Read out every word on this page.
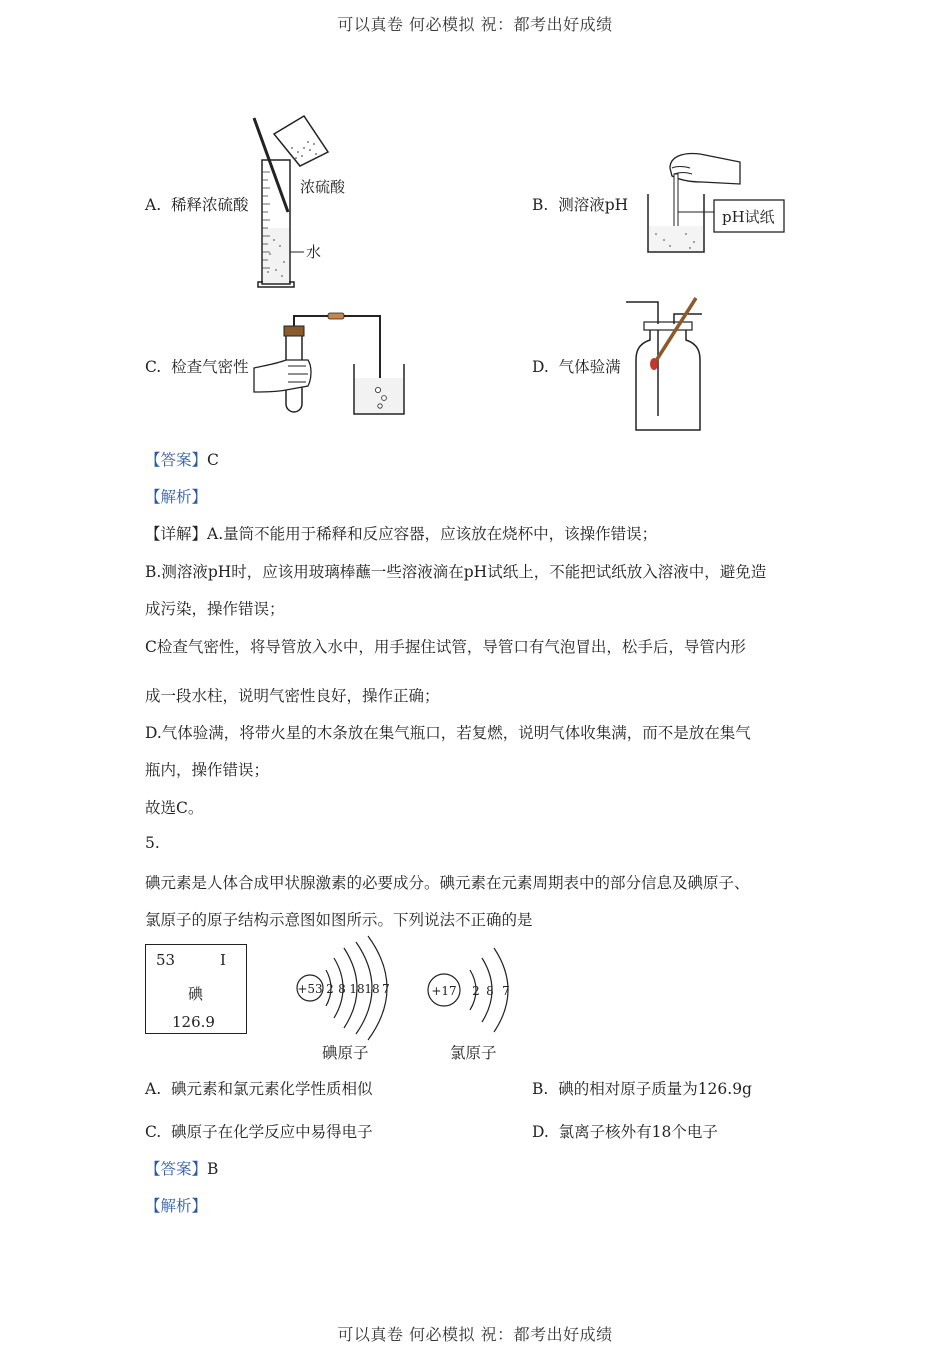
可以真卷 何必模拟 祝：都考出好成绩
A. 稀释浓硫酸
浓硫酸
水
B. 测溶液pH
pH试纸
C. 检查气密性	D. 气体验满
【答案】C
【解析】
【详解】A.量筒不能用于稀释和反应容器，应该放在烧杯中，该操作错误；
B.测溶液pH时，应该用玻璃棒蘸一些溶液滴在pH试纸上，不能把试纸放入溶液中，避免造
成污染，操作错误；
C检查气密性，将导管放入水中，用手握住试管，导管口有气泡冒出，松手后，导管内形
成一段水柱，说明气密性良好，操作正确；
D.气体验满，将带火星的木条放在集气瓶口，若复燃，说明气体收集满，而不是放在集气
瓶内，操作错误；
故选C。
5.
碘元素是人体合成甲状腺激素的必要成分。碘元素在元素周期表中的部分信息及碘原子、
氯原子的原子结构示意图如图所示。下列说法不正确的是
53	I
碘
126.9
+53 2 8 18 18 7
碘原子
+17 2 8 7
氯原子
A. 碘元素和氯元素化学性质相似	B. 碘的相对原子质量为126.9g
C. 碘原子在化学反应中易得电子	D. 氯离子核外有18个电子
【答案】B
【解析】
可以真卷 何必模拟 祝：都考出好成绩
